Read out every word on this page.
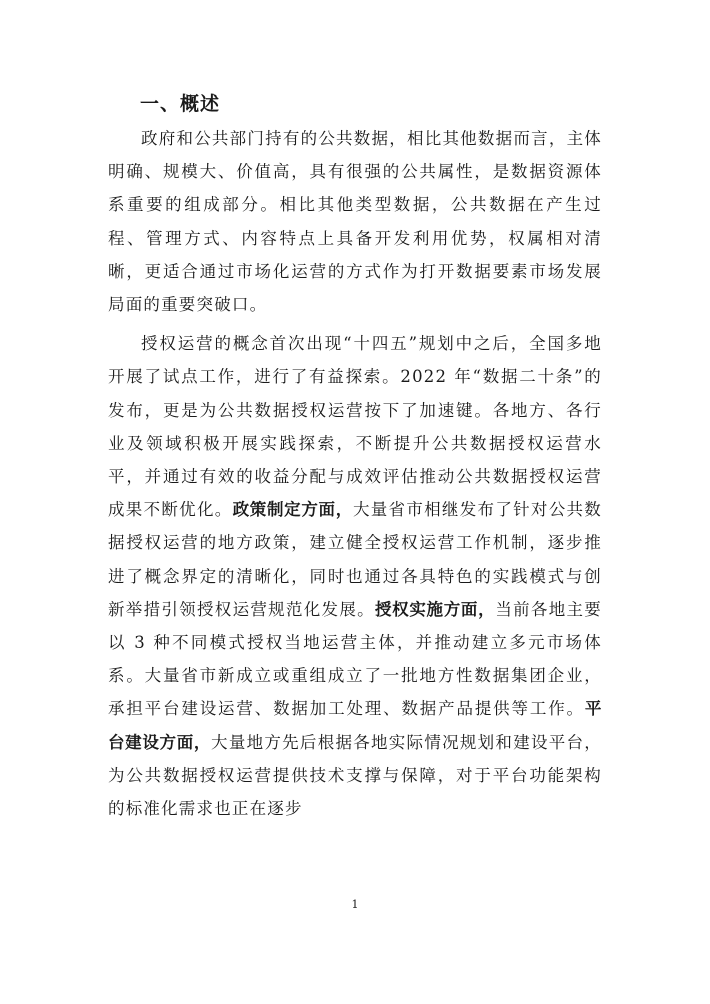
一、概述

政府和公共部门持有的公共数据，相比其他数据而言，主体明确、规模大、价值高，具有很强的公共属性，是数据资源体系重要的组成部分。相比其他类型数据，公共数据在产生过程、管理方式、内容特点上具备开发利用优势，权属相对清晰，更适合通过市场化运营的方式作为打开数据要素市场发展局面的重要突破口。

授权运营的概念首次出现“十四五”规划中之后，全国多地开展了试点工作，进行了有益探索。2022 年“数据二十条”的发布，更是为公共数据授权运营按下了加速键。各地方、各行业及领域积极开展实践探索，不断提升公共数据授权运营水平，并通过有效的收益分配与成效评估推动公共数据授权运营成果不断优化。政策制定方面，大量省市相继发布了针对公共数据授权运营的地方政策，建立健全授权运营工作机制，逐步推进了概念界定的清晰化，同时也通过各具特色的实践模式与创新举措引领授权运营规范化发展。授权实施方面，当前各地主要以 3 种不同模式授权当地运营主体，并推动建立多元市场体系。大量省市新成立或重组成立了一批地方性数据集团企业，承担平台建设运营、数据加工处理、数据产品提供等工作。平台建设方面，大量地方先后根据各地实际情况规划和建设平台，为公共数据授权运营提供技术支撑与保障，对于平台功能架构的标准化需求也正在逐步

1
